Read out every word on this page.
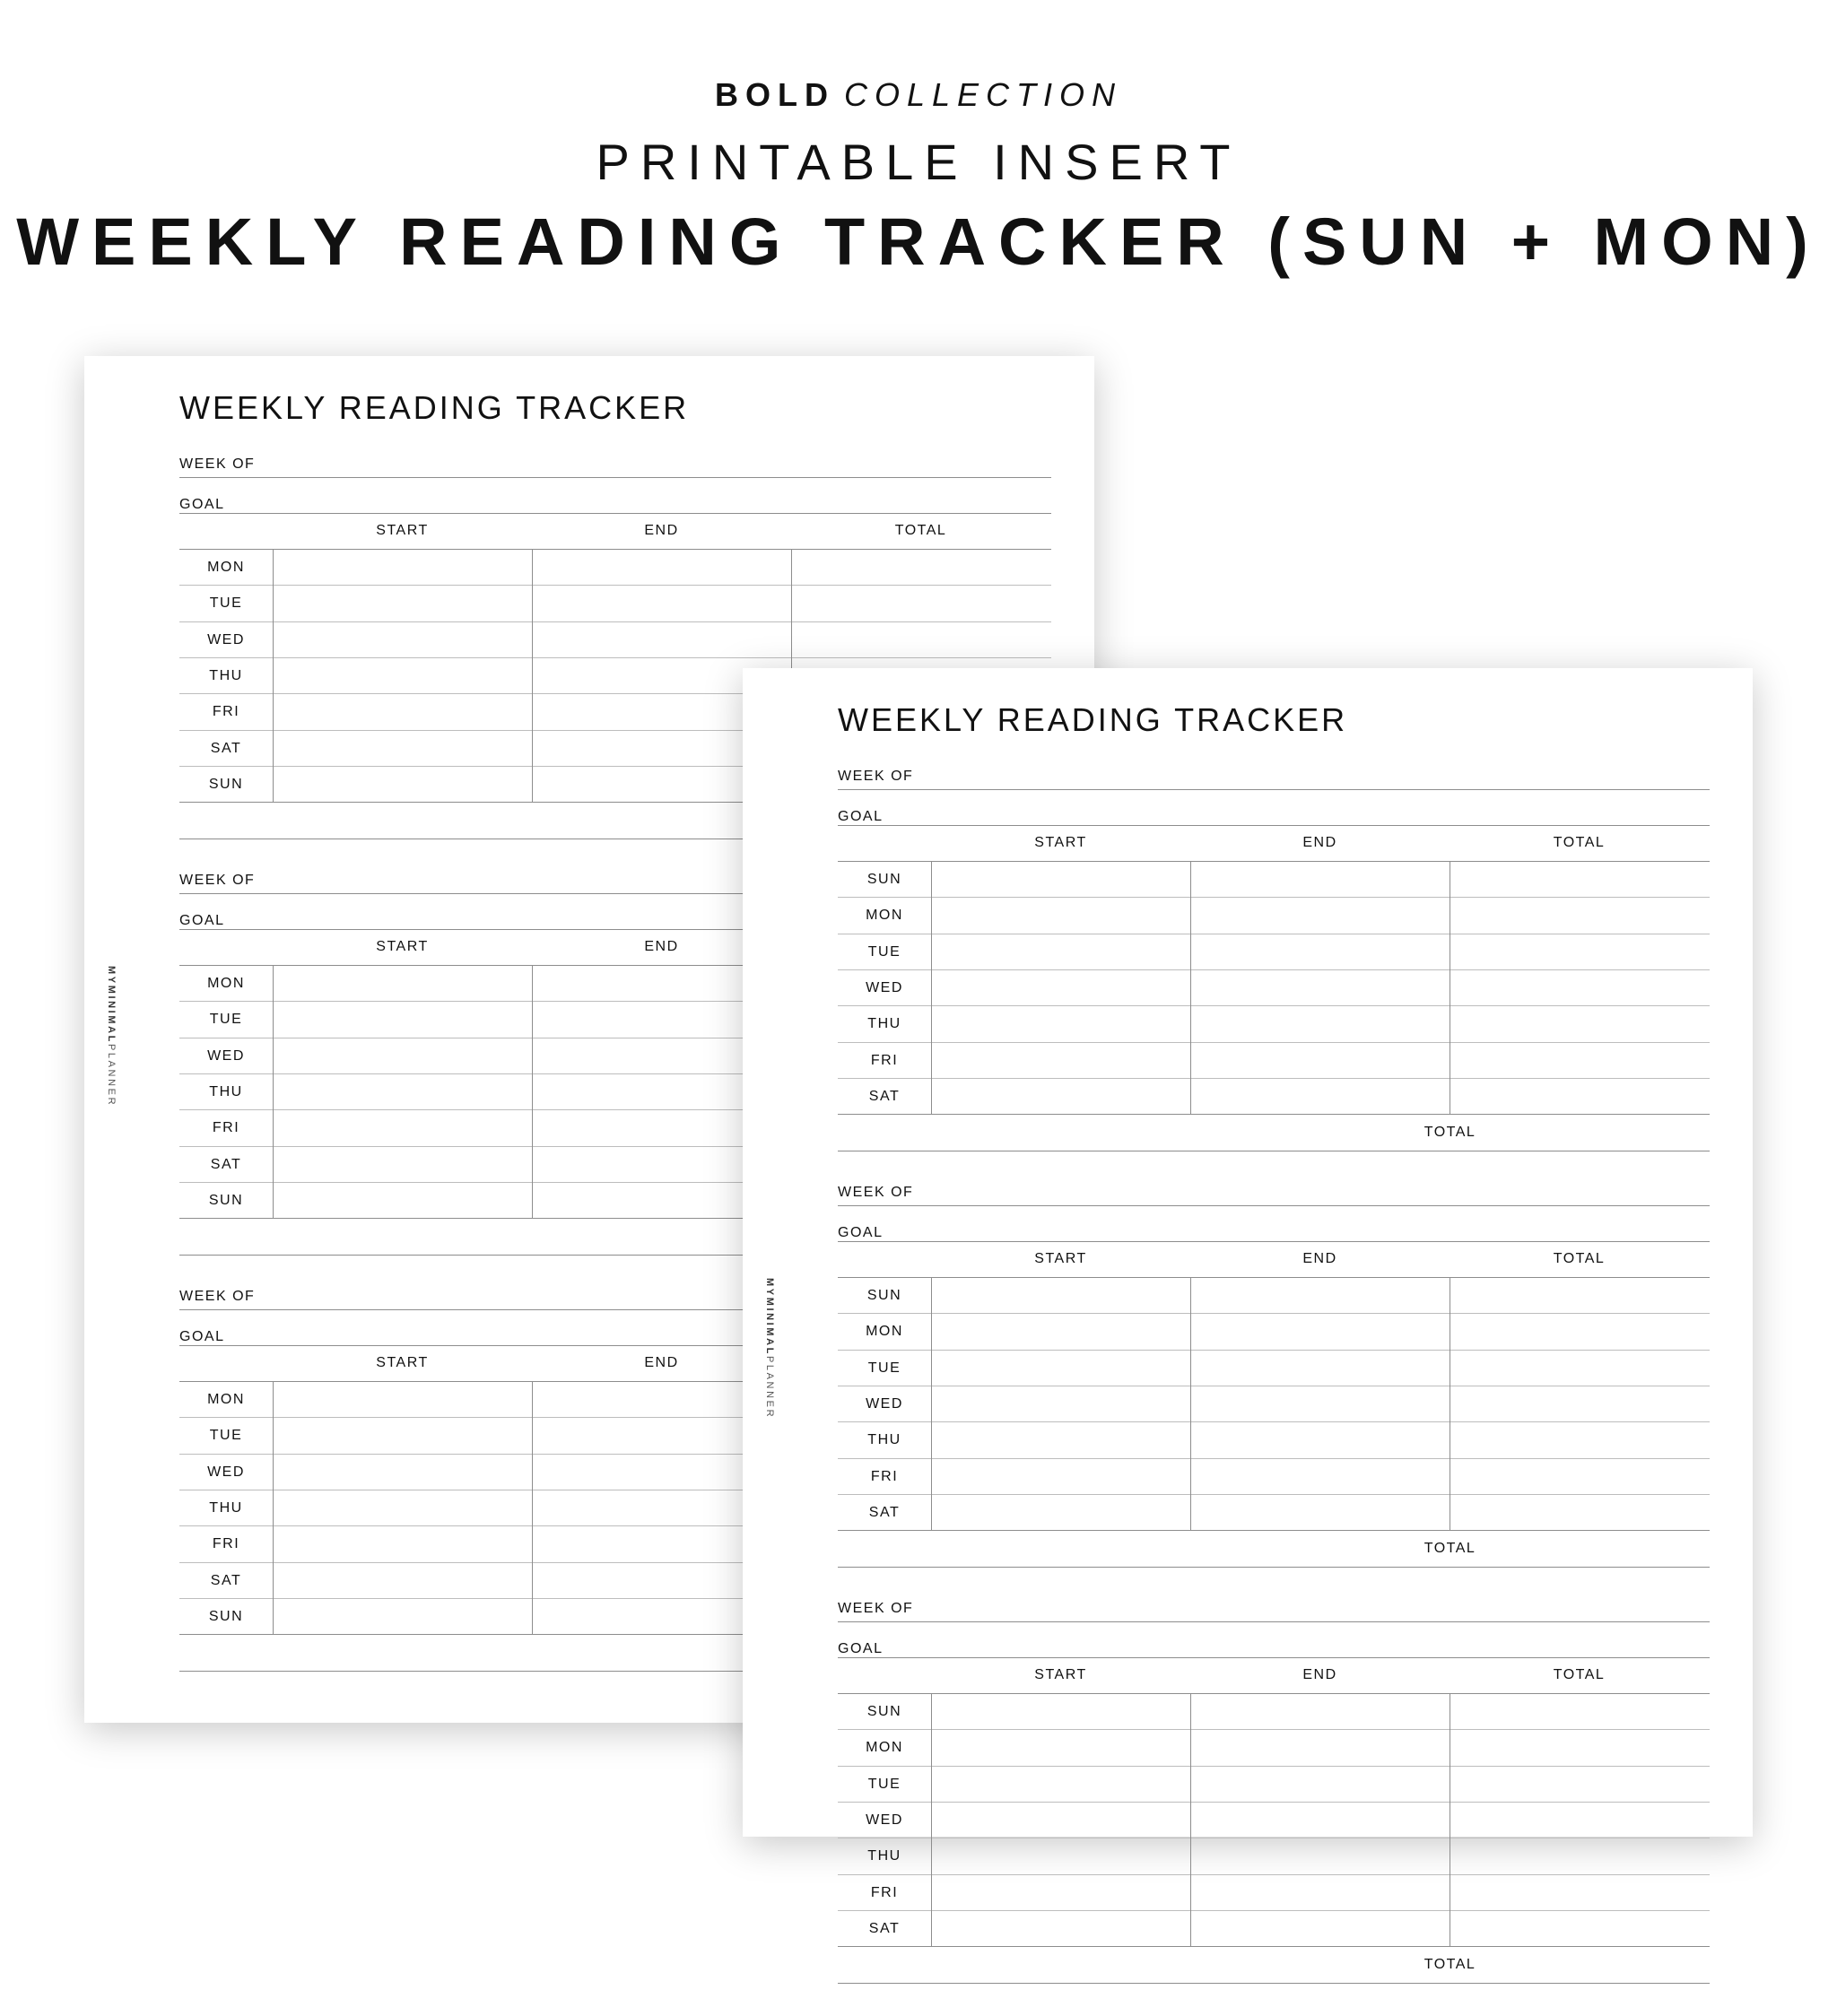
BOLD COLLECTION
PRINTABLE INSERT
WEEKLY READING TRACKER (SUN + MON)
WEEKLY READING TRACKER
MYMINIMALPLANNER
WEEK OF
GOAL
START	END	TOTAL
MON
TUE
WED
THU
FRI
SAT
SUN
WEEK OF
GOAL
START	END
MON
TUE
WED
THU
FRI
SAT
SUN
WEEK OF
GOAL
START	END
MON
TUE
WED
THU
FRI
SAT
SUN
WEEKLY READING TRACKER
MYMINIMALPLANNER
WEEK OF
GOAL
START	END	TOTAL
SUN
MON
TUE
WED
THU
FRI
SAT
TOTAL
WEEK OF
GOAL
START	END	TOTAL
SUN
MON
TUE
WED
THU
FRI
SAT
TOTAL
WEEK OF
GOAL
START	END	TOTAL
SUN
MON
TUE
WED
THU
FRI
SAT
TOTAL
